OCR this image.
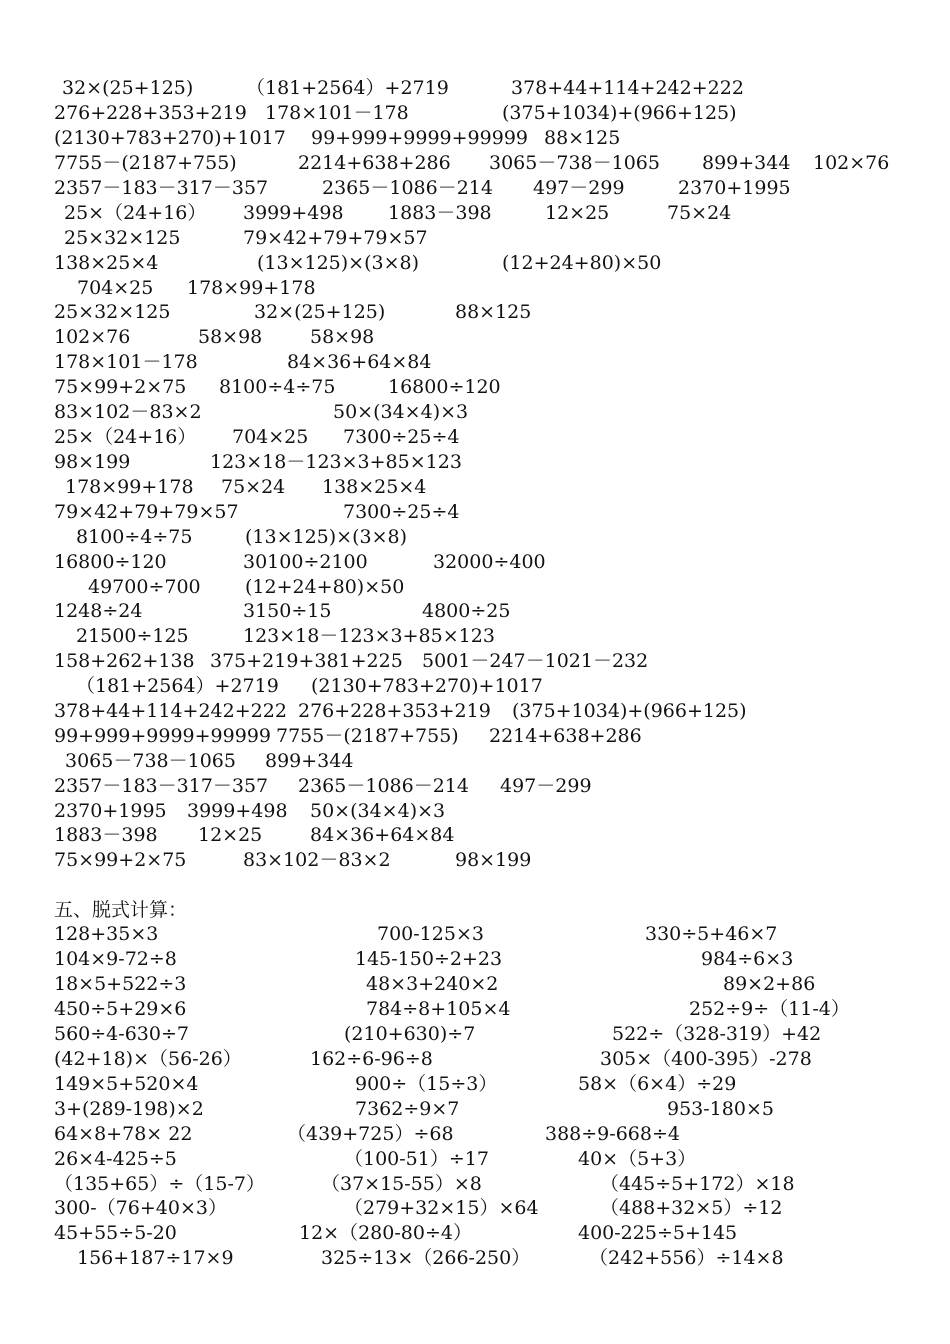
32×(25+125)	（181+2564）+2719	378+44+114+242+222
276+228+353+219 178×101－178	(375+1034)+(966+125)
(2130+783+270)+1017 99+999+9999+99999 88×125
7755－(2187+755)	2214+638+286 3065－738－1065 899+344 102×76
2357－183－317－357	2365－1086－214 497－299	2370+1995
25×（24+16） 3999+498 1883－398	12×25	75×24
25×32×125	79×42+79+79×57
138×25×4	(13×125)×(3×8)	(12+24+80)×50
704×25 178×99+178
25×32×125	32×(25+125)	88×125
102×76	58×98	58×98
178×101－178	84×36+64×84
75×99+2×75 8100÷4÷75	16800÷120
83×102－83×2	50×(34×4)×3
25×（24+16） 704×25 7300÷25÷4
98×199	123×18－123×3+85×123
178×99+178 75×24 138×25×4
79×42+79+79×57	7300÷25÷4
8100÷4÷75	(13×125)×(3×8)
16800÷120	30100÷2100	32000÷400
49700÷700 (12+24+80)×50
1248÷24	3150÷15	4800÷25
21500÷125	123×18－123×3+85×123
158+262+138 375+219+381+225 5001－247－1021－232
（181+2564）+2719 (2130+783+270)+1017
378+44+114+242+222 276+228+353+219 (375+1034)+(966+125)
99+999+9999+99999 7755－(2187+755) 2214+638+286
3065－738－1065 899+344
2357－183－317－357 2365－1086－214 497－299
2370+1995 3999+498 50×(34×4)×3
1883－398 12×25	84×36+64×84
75×99+2×75	83×102－83×2	98×199
五、脱式计算：
128+35×3	700-125×3	330÷5+46×7
104×9-72÷8	145-150÷2+23	984÷6×3
18×5+522÷3	48×3+240×2	89×2+86
450÷5+29×6	784÷8+105×4	252÷9÷（11-4）
560÷4-630÷7	(210+630)÷7	522÷（328-319）+42
(42+18)×（56-26）	162÷6-96÷8	305×（400-395）-278
149×5+520×4	900÷（15÷3）	58×（6×4）÷29
3+(289-198)×2	7362÷9×7	953-180×5
64×8+78× 22	（439+725）÷68	388÷9-668÷4
26×4-425÷5	（100-51）÷17	40×（5+3）
（135+65）÷（15-7）	（37×15-55）×8	（445÷5+172）×18
300-（76+40×3）	（279+32×15）×64	（488+32×5）÷12
45+55÷5-20	12×（280-80÷4）	400-225÷5+145
156+187÷17×9	325÷13×（266-250）	（242+556）÷14×8
